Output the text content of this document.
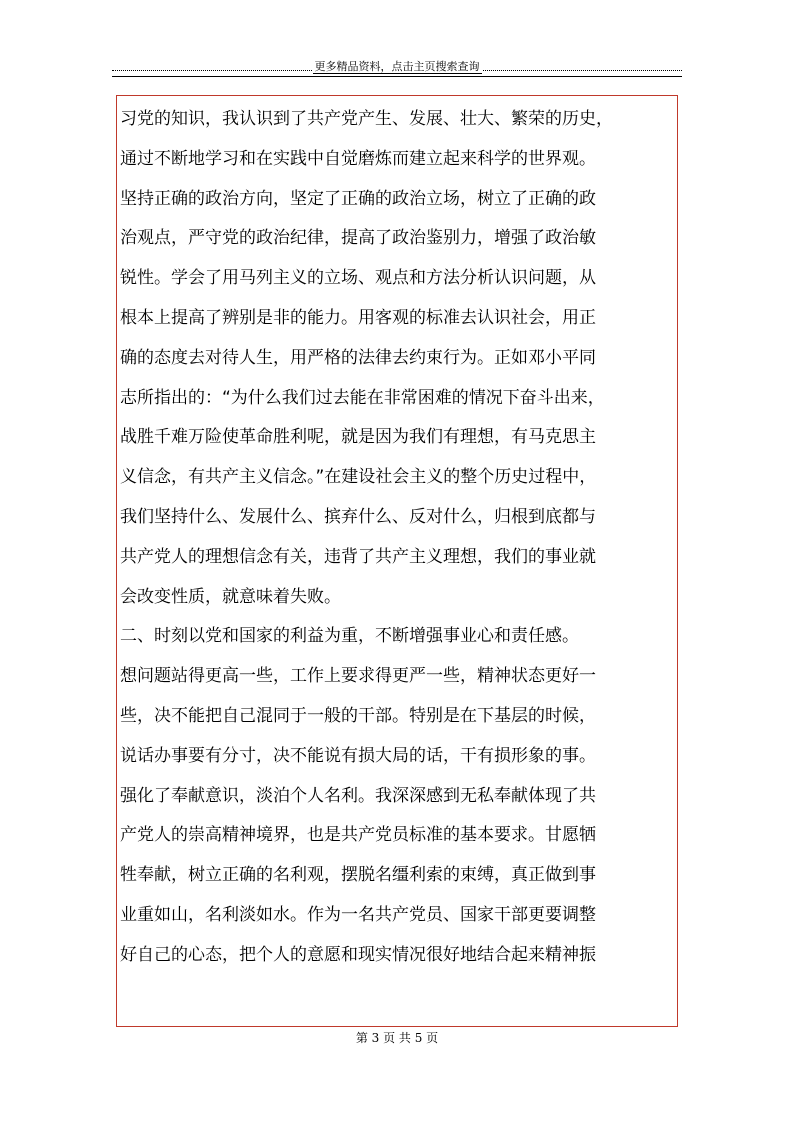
更多精品资料，点击主页搜索查询
习党的知识，我认识到了共产党产生、发展、壮大、繁荣的历史，
通过不断地学习和在实践中自觉磨炼而建立起来科学的世界观。
坚持正确的政治方向，坚定了正确的政治立场，树立了正确的政
治观点，严守党的政治纪律，提高了政治鉴别力，增强了政治敏
锐性。学会了用马列主义的立场、观点和方法分析认识问题，从
根本上提高了辨别是非的能力。用客观的标准去认识社会，用正
确的态度去对待人生，用严格的法律去约束行为。正如邓小平同
志所指出的：“为什么我们过去能在非常困难的情况下奋斗出来，
战胜千难万险使革命胜利呢，就是因为我们有理想，有马克思主
义信念，有共产主义信念。”在建设社会主义的整个历史过程中，
我们坚持什么、发展什么、摈弃什么、反对什么，归根到底都与
共产党人的理想信念有关，违背了共产主义理想，我们的事业就
会改变性质，就意味着失败。
二、时刻以党和国家的利益为重，不断增强事业心和责任感。
想问题站得更高一些，工作上要求得更严一些，精神状态更好一
些，决不能把自己混同于一般的干部。特别是在下基层的时候，
说话办事要有分寸，决不能说有损大局的话，干有损形象的事。
强化了奉献意识，淡泊个人名利。我深深感到无私奉献体现了共
产党人的崇高精神境界，也是共产党员标准的基本要求。甘愿牺
牲奉献，树立正确的名利观，摆脱名缰利索的束缚，真正做到事
业重如山，名利淡如水。作为一名共产党员、国家干部更要调整
好自己的心态，把个人的意愿和现实情况很好地结合起来精神振
第 3 页 共 5 页
